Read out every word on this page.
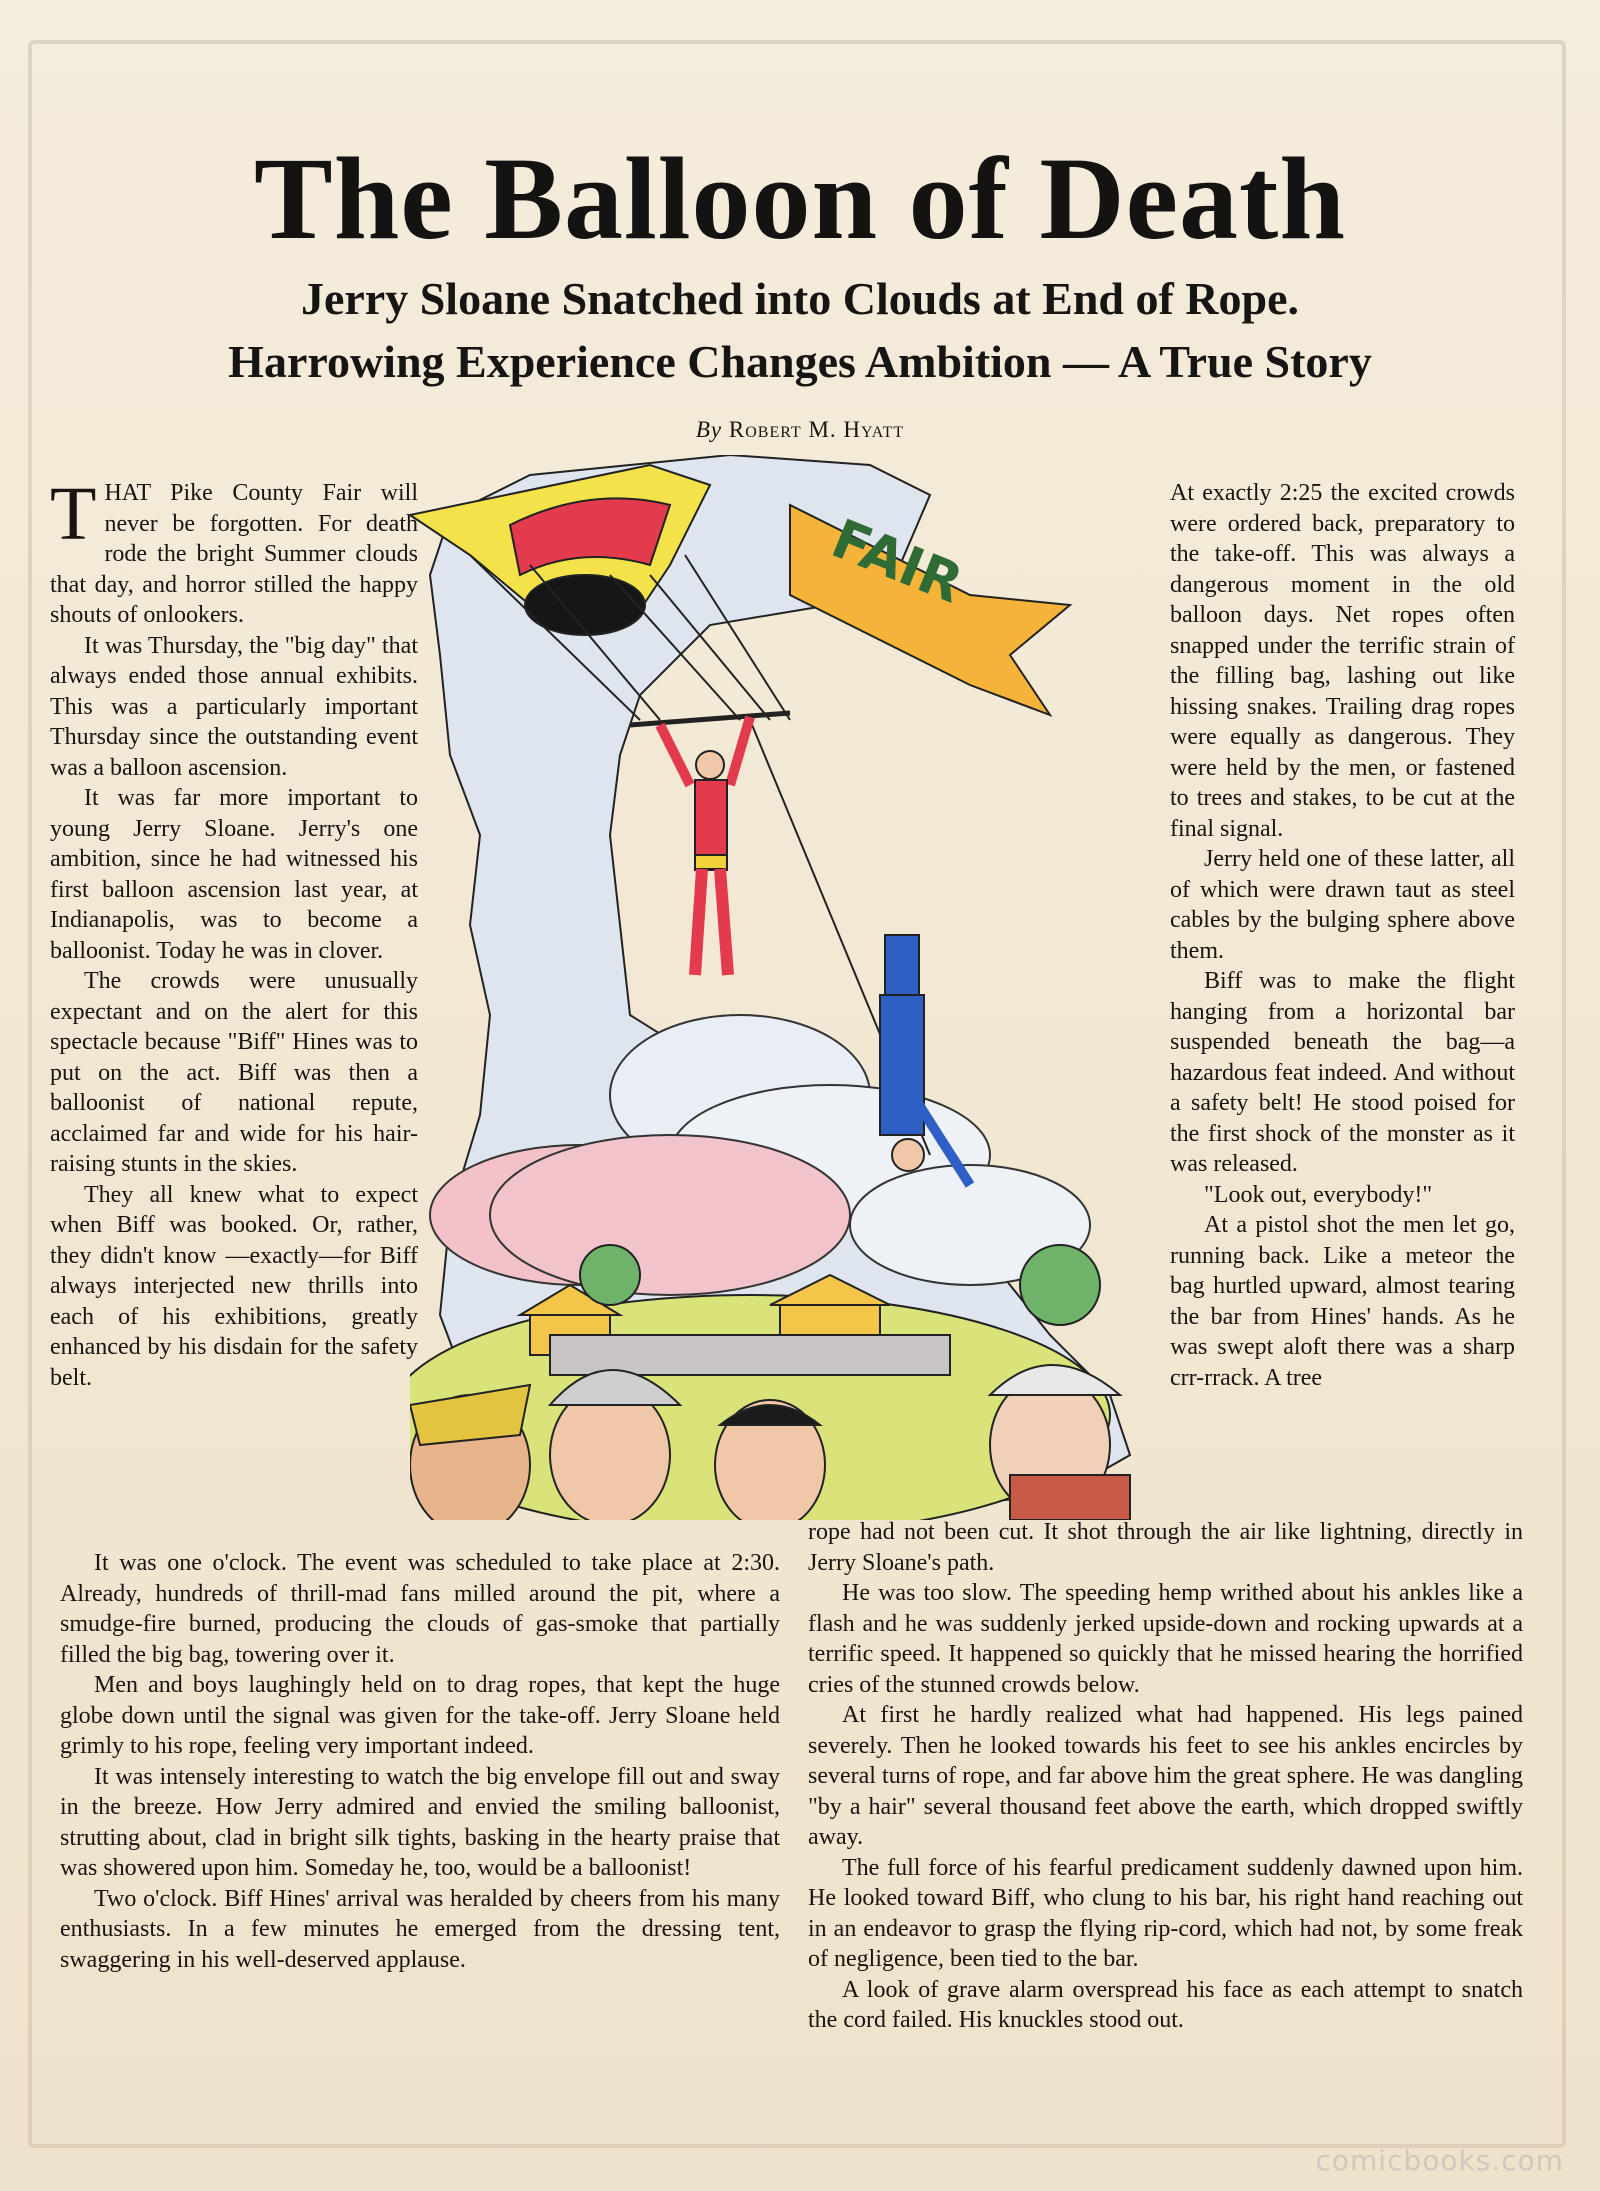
The Balloon of Death
Jerry Sloane Snatched into Clouds at End of Rope.
Harrowing Experience Changes Ambition — A True Story
By Robert M. Hyatt
FAIR

THAT Pike County Fair will never be forgotten. For death rode the bright Summer clouds that day, and horror stilled the happy shouts of onlookers.

It was Thursday, the "big day" that always ended those annual exhibits. This was a particularly important Thursday since the outstanding event was a balloon ascension.

It was far more important to young Jerry Sloane. Jerry's one ambition, since he had witnessed his first balloon ascension last year, at Indianapolis, was to become a balloonist. Today he was in clover.

The crowds were unusually expectant and on the alert for this spectacle because "Biff" Hines was to put on the act. Biff was then a balloonist of national repute, acclaimed far and wide for his hair-raising stunts in the skies.

They all knew what to expect when Biff was booked. Or, rather, they didn't know —exactly—for Biff always interjected new thrills into each of his exhibitions, greatly enhanced by his disdain for the safety belt.

At exactly 2:25 the excited crowds were ordered back, preparatory to the take-off. This was always a dangerous moment in the old balloon days. Net ropes often snapped under the terrific strain of the filling bag, lashing out like hissing snakes. Trailing drag ropes were equally as dangerous. They were held by the men, or fastened to trees and stakes, to be cut at the final signal.

Jerry held one of these latter, all of which were drawn taut as steel cables by the bulging sphere above them.

Biff was to make the flight hanging from a horizontal bar suspended beneath the bag—a hazardous feat indeed. And without a safety belt! He stood poised for the first shock of the monster as it was released.

"Look out, everybody!"

At a pistol shot the men let go, running back. Like a meteor the bag hurtled upward, almost tearing the bar from Hines' hands. As he was swept aloft there was a sharp crr-rrack. A tree

It was one o'clock. The event was scheduled to take place at 2:30. Already, hundreds of thrill-mad fans milled around the pit, where a smudge-fire burned, producing the clouds of gas-smoke that partially filled the big bag, towering over it.

Men and boys laughingly held on to drag ropes, that kept the huge globe down until the signal was given for the take-off. Jerry Sloane held grimly to his rope, feeling very important indeed.

It was intensely interesting to watch the big envelope fill out and sway in the breeze. How Jerry admired and envied the smiling balloonist, strutting about, clad in bright silk tights, basking in the hearty praise that was showered upon him. Someday he, too, would be a balloonist!

Two o'clock. Biff Hines' arrival was heralded by cheers from his many enthusiasts. In a few minutes he emerged from the dressing tent, swaggering in his well-deserved applause.

rope had not been cut. It shot through the air like lightning, directly in Jerry Sloane's path.

He was too slow. The speeding hemp writhed about his ankles like a flash and he was suddenly jerked upside-down and rocking upwards at a terrific speed. It happened so quickly that he missed hearing the horrified cries of the stunned crowds below.

At first he hardly realized what had happened. His legs pained severely. Then he looked towards his feet to see his ankles encircles by several turns of rope, and far above him the great sphere. He was dangling "by a hair" several thousand feet above the earth, which dropped swiftly away.

The full force of his fearful predicament suddenly dawned upon him. He looked toward Biff, who clung to his bar, his right hand reaching out in an endeavor to grasp the flying rip-cord, which had not, by some freak of negligence, been tied to the bar.

A look of grave alarm overspread his face as each attempt to snatch the cord failed. His knuckles stood out.

comicbooks.com
